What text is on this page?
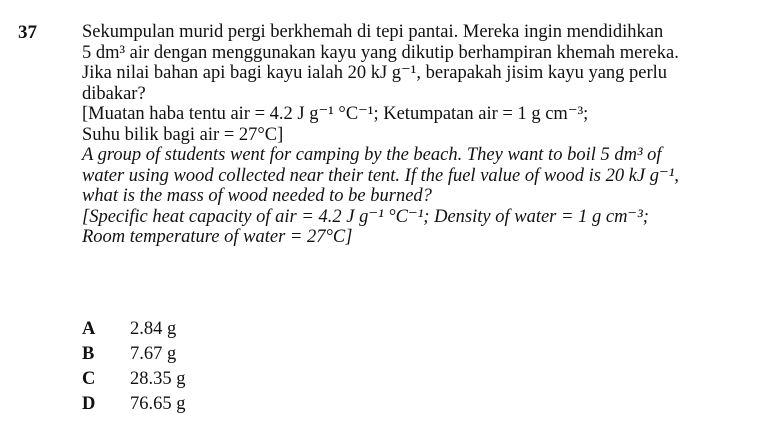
37 Sekumpulan murid pergi berkhemah di tepi pantai. Mereka ingin mendidihkan

5 dm³ air dengan menggunakan kayu yang dikutip berhampiran khemah mereka.

Jika nilai bahan api bagi kayu ialah 20 kJ g⁻¹, berapakah jisim kayu yang perlu

dibakar?

[Muatan haba tentu air = 4.2 J g⁻¹ °C⁻¹; Ketumpatan air = 1 g cm⁻³;

Suhu bilik bagi air = 27°C]

A group of students went for camping by the beach. They want to boil 5 dm³ of

water using wood collected near their tent. If the fuel value of wood is 20 kJ g⁻¹,

what is the mass of wood needed to be burned?

[Specific heat capacity of air = 4.2 J g⁻¹ °C⁻¹; Density of water = 1 g cm⁻³;

Room temperature of water = 27°C]

A	2.84 g
B	7.67 g
C	28.35 g
D	76.65 g
